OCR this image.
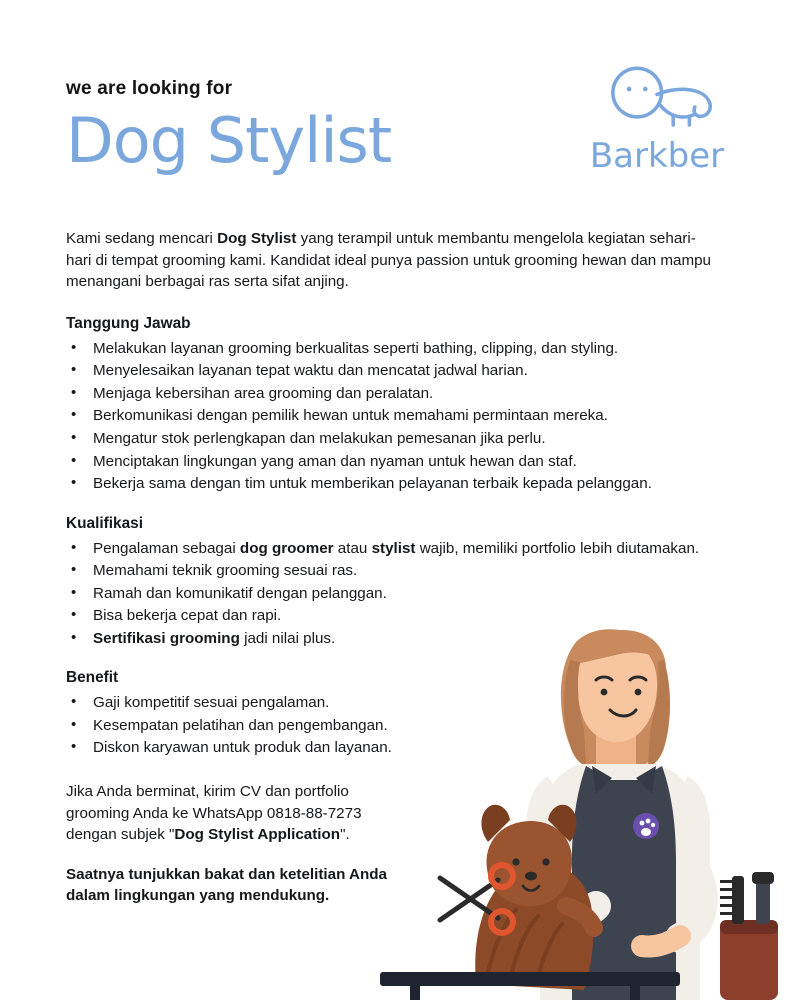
we are looking for

Dog Stylist	Barkber

Kami sedang mencari Dog Stylist yang terampil untuk membantu mengelola kegiatan sehari-hari di tempat grooming kami. Kandidat ideal punya passion untuk grooming hewan dan mampu menangani berbagai ras serta sifat anjing.

Tanggung Jawab

• Melakukan layanan grooming berkualitas seperti bathing, clipping, dan styling.
• Menyelesaikan layanan tepat waktu dan mencatat jadwal harian.
• Menjaga kebersihan area grooming dan peralatan.
• Berkomunikasi dengan pemilik hewan untuk memahami permintaan mereka.
• Mengatur stok perlengkapan dan melakukan pemesanan jika perlu.
• Menciptakan lingkungan yang aman dan nyaman untuk hewan dan staf.
• Bekerja sama dengan tim untuk memberikan pelayanan terbaik kepada pelanggan.

Kualifikasi

• Pengalaman sebagai dog groomer atau stylist wajib, memiliki portfolio lebih diutamakan.
• Memahami teknik grooming sesuai ras.
• Ramah dan komunikatif dengan pelanggan.
• Bisa bekerja cepat dan rapi.
• Sertifikasi grooming jadi nilai plus.

Benefit

• Gaji kompetitif sesuai pengalaman.
• Kesempatan pelatihan dan pengembangan.
• Diskon karyawan untuk produk dan layanan.

Jika Anda berminat, kirim CV dan portfolio grooming Anda ke WhatsApp 0818-88-7273 dengan subjek "Dog Stylist Application".

Saatnya tunjukkan bakat dan ketelitian Anda
dalam lingkungan yang mendukung.
